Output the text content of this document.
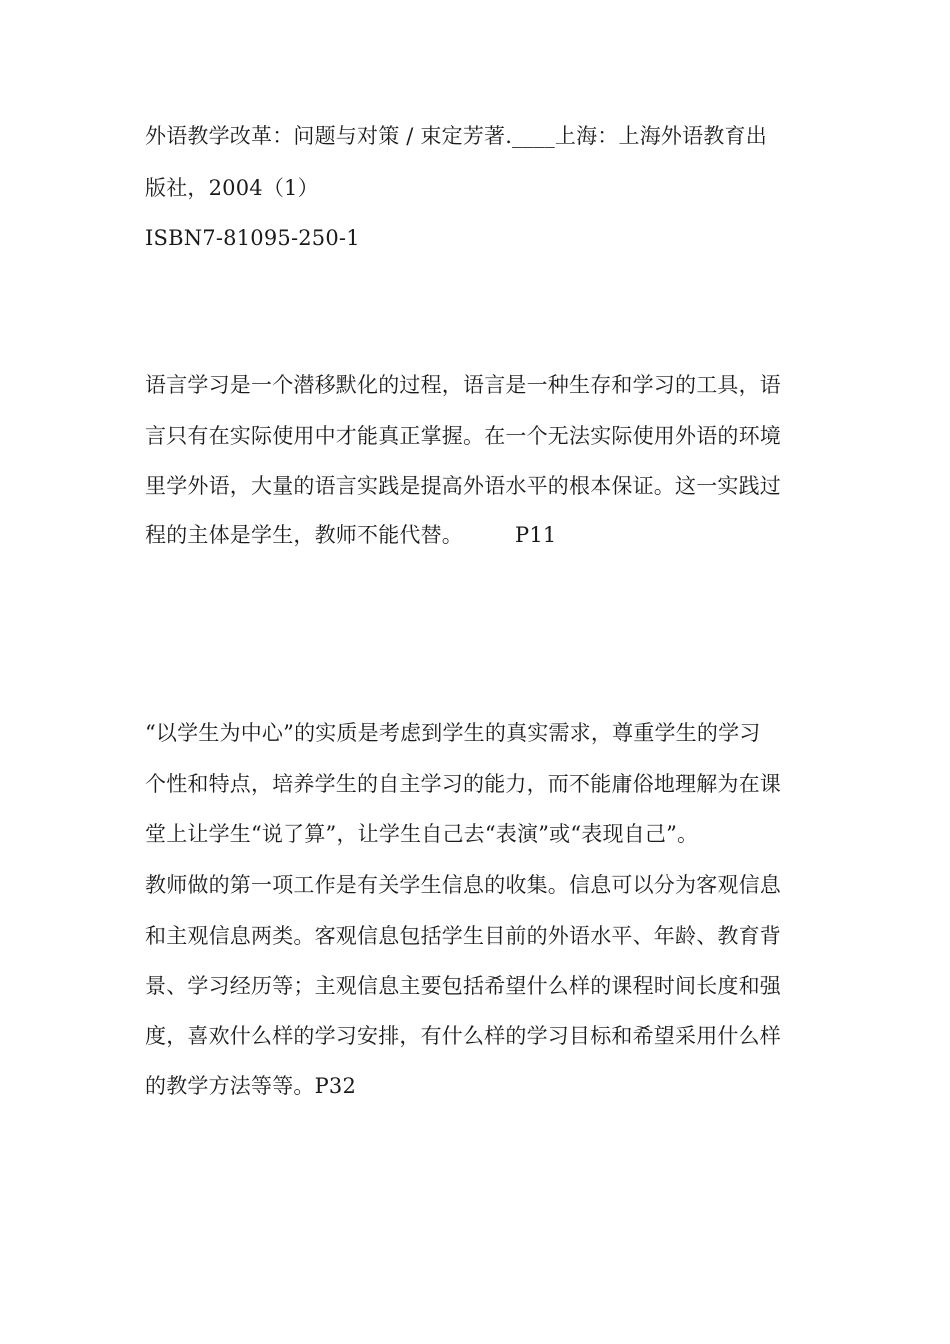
外语教学改革：问题与对策 / 束定芳著.____上海：上海外语教育出
版社，2004（1）
ISBN7-81095-250-1
语言学习是一个潜移默化的过程，语言是一种生存和学习的工具，语
言只有在实际使用中才能真正掌握。在一个无法实际使用外语的环境
里学外语，大量的语言实践是提高外语水平的根本保证。这一实践过
程的主体是学生，教师不能代替。 P11
“以学生为中心”的实质是考虑到学生的真实需求，尊重学生的学习
个性和特点，培养学生的自主学习的能力，而不能庸俗地理解为在课
堂上让学生“说了算”，让学生自己去“表演”或“表现自己”。
教师做的第一项工作是有关学生信息的收集。信息可以分为客观信息
和主观信息两类。客观信息包括学生目前的外语水平、年龄、教育背
景、学习经历等；主观信息主要包括希望什么样的课程时间长度和强
度，喜欢什么样的学习安排，有什么样的学习目标和希望采用什么样
的教学方法等等。P32
